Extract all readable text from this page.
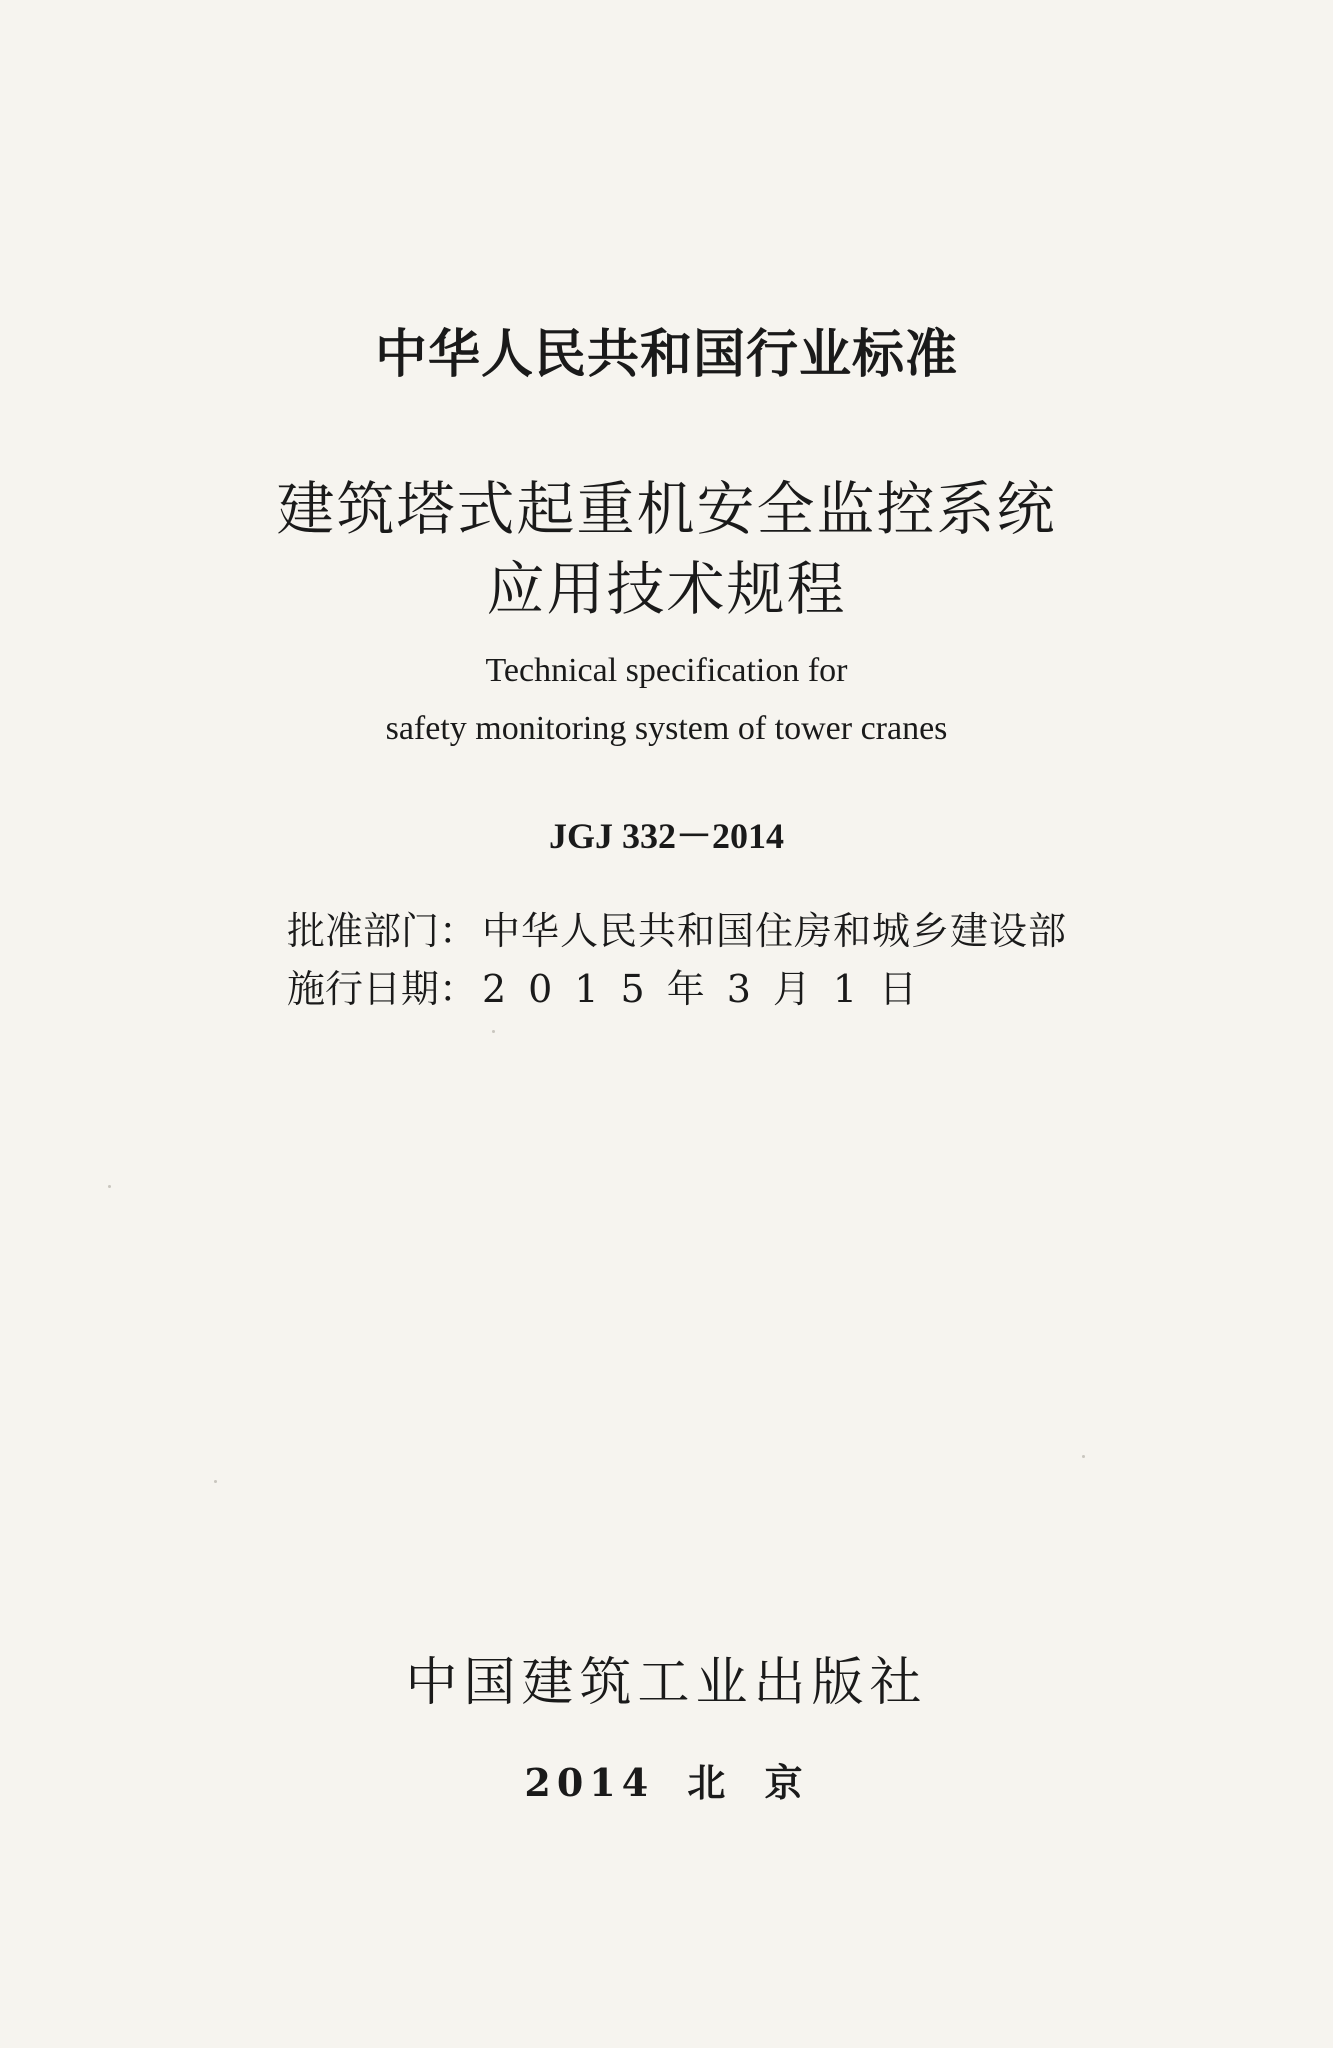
中华人民共和国行业标准
建筑塔式起重机安全监控系统
应用技术规程
Technical specification for
safety monitoring system of tower cranes
JGJ 332－2014
批准部门： 中华人民共和国住房和城乡建设部
施行日期： 2015年3月1日
中国建筑工业出版社
2014 北 京
